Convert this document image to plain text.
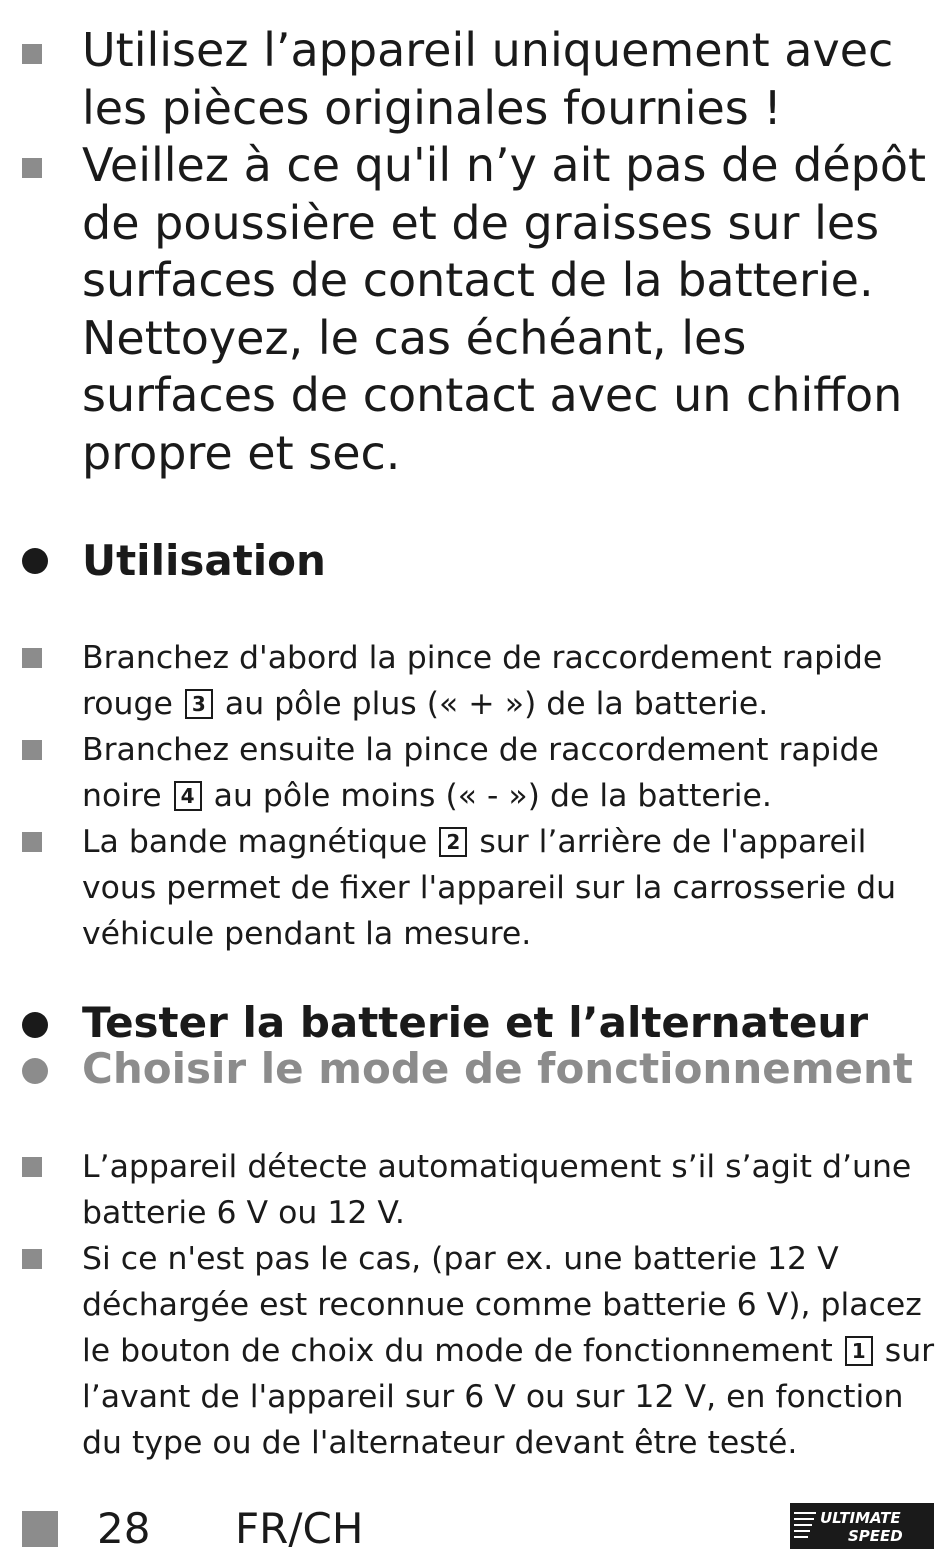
Utilisez l’appareil uniquement avec les pièces originales fournies !
Veillez à ce qu'il n’y ait pas de dépôt de poussière et de graisses sur les surfaces de contact de la batterie. Nettoyez, le cas échéant, les surfaces de contact avec un chiffon propre et sec.
Utilisation
Branchez d'abord la pince de raccordement rapide rouge 3 au pôle plus (« + ») de la batterie.
Branchez ensuite la pince de raccordement rapide noire 4 au pôle moins (« - ») de la batterie.
La bande magnétique 2 sur l’arrière de l'appareil vous permet de fixer l'appareil sur la carrosserie du véhicule pendant la mesure.
Tester la batterie et l’alternateur
Choisir le mode de fonctionnement
L’appareil détecte automatiquement s’il s’agit d’une batterie 6 V ou 12 V.
Si ce n'est pas le cas, (par ex. une batterie 12 V déchargée est reconnue comme batterie 6 V), placez le bouton de choix du mode de fonctionnement 1 sur l’avant de l'appareil sur 6 V ou sur 12 V, en fonction du type ou de l'alternateur devant être testé.
28 FR/CH	ULTIMATE
SPEED
